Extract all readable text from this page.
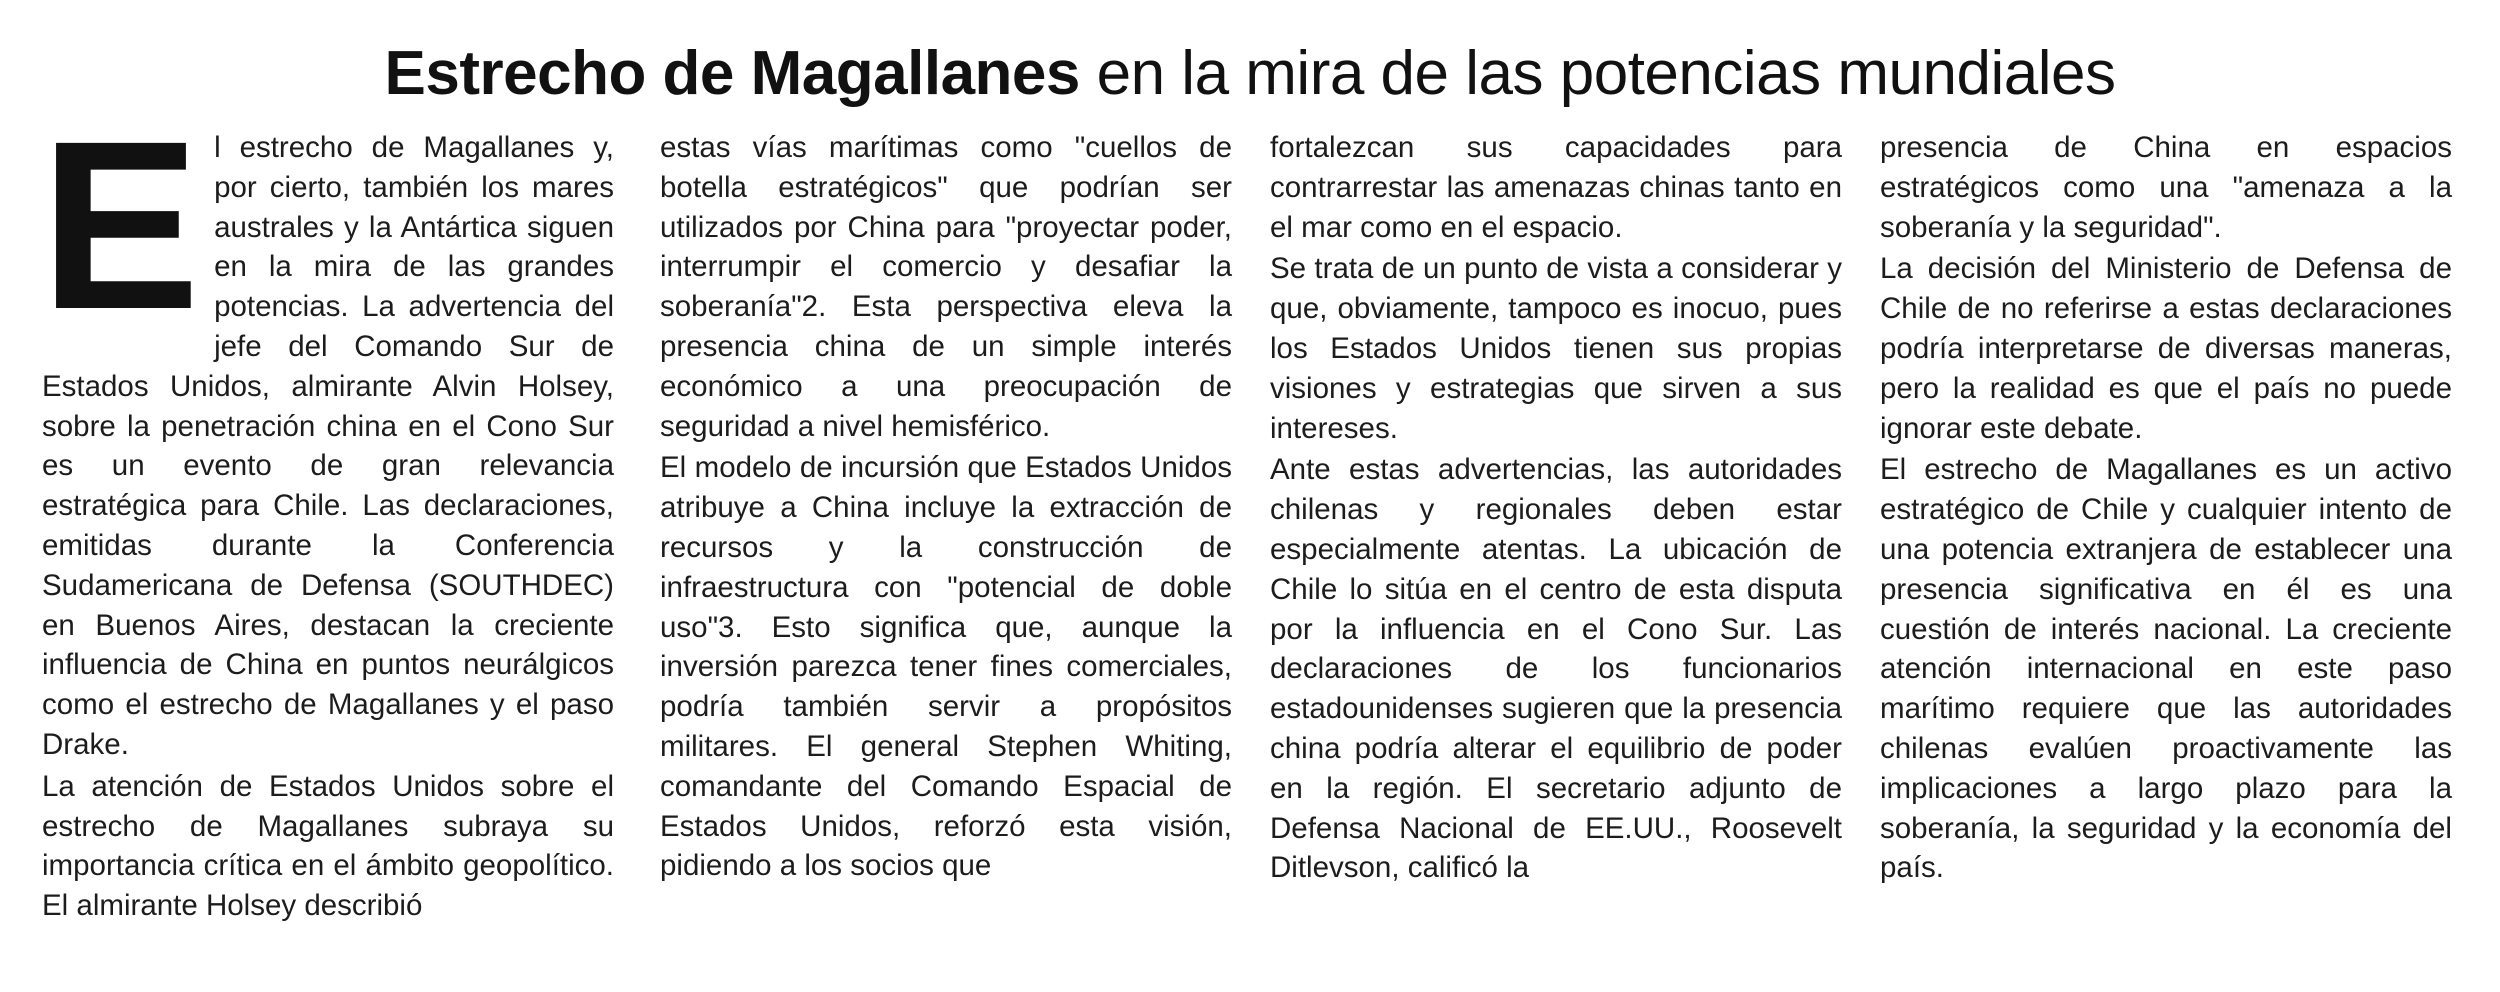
Estrecho de Magallanes en la mira de las potencias mundiales

El estrecho de Magallanes y, por cierto, también los mares australes y la Antártica siguen en la mira de las grandes potencias. La advertencia del jefe del Comando Sur de Estados Unidos, almirante Alvin Holsey, sobre la penetración china en el Cono Sur es un evento de gran relevancia estratégica para Chile. Las declaraciones, emitidas durante la Conferencia Sudamericana de Defensa (SOUTHDEC) en Buenos Aires, destacan la creciente influencia de China en puntos neurálgicos como el estrecho de Magallanes y el paso Drake.

La atención de Estados Unidos sobre el estrecho de Magallanes subraya su importancia crítica en el ámbito geopolítico. El almirante Holsey describió

estas vías marítimas como "cuellos de botella estratégicos" que podrían ser utilizados por China para "proyectar poder, interrumpir el comercio y desafiar la soberanía"2. Esta perspectiva eleva la presencia china de un simple interés económico a una preocupación de seguridad a nivel hemisférico.

El modelo de incursión que Estados Unidos atribuye a China incluye la extracción de recursos y la construcción de infraestructura con "potencial de doble uso"3. Esto significa que, aunque la inversión parezca tener fines comerciales, podría también servir a propósitos militares. El general Stephen Whiting, comandante del Comando Espacial de Estados Unidos, reforzó esta visión, pidiendo a los socios que

fortalezcan sus capacidades para contrarrestar las amenazas chinas tanto en el mar como en el espacio.

Se trata de un punto de vista a considerar y que, obviamente, tampoco es inocuo, pues los Estados Unidos tienen sus propias visiones y estrategias que sirven a sus intereses.

Ante estas advertencias, las autoridades chilenas y regionales deben estar especialmente atentas. La ubicación de Chile lo sitúa en el centro de esta disputa por la influencia en el Cono Sur. Las declaraciones de los funcionarios estadounidenses sugieren que la presencia china podría alterar el equilibrio de poder en la región. El secretario adjunto de Defensa Nacional de EE.UU., Roosevelt Ditlevson, calificó la

presencia de China en espacios estratégicos como una "amenaza a la soberanía y la seguridad".

La decisión del Ministerio de Defensa de Chile de no referirse a estas declaraciones podría interpretarse de diversas maneras, pero la realidad es que el país no puede ignorar este debate.

El estrecho de Magallanes es un activo estratégico de Chile y cualquier intento de una potencia extranjera de establecer una presencia significativa en él es una cuestión de interés nacional. La creciente atención internacional en este paso marítimo requiere que las autoridades chilenas evalúen proactivamente las implicaciones a largo plazo para la soberanía, la seguridad y la economía del país.
